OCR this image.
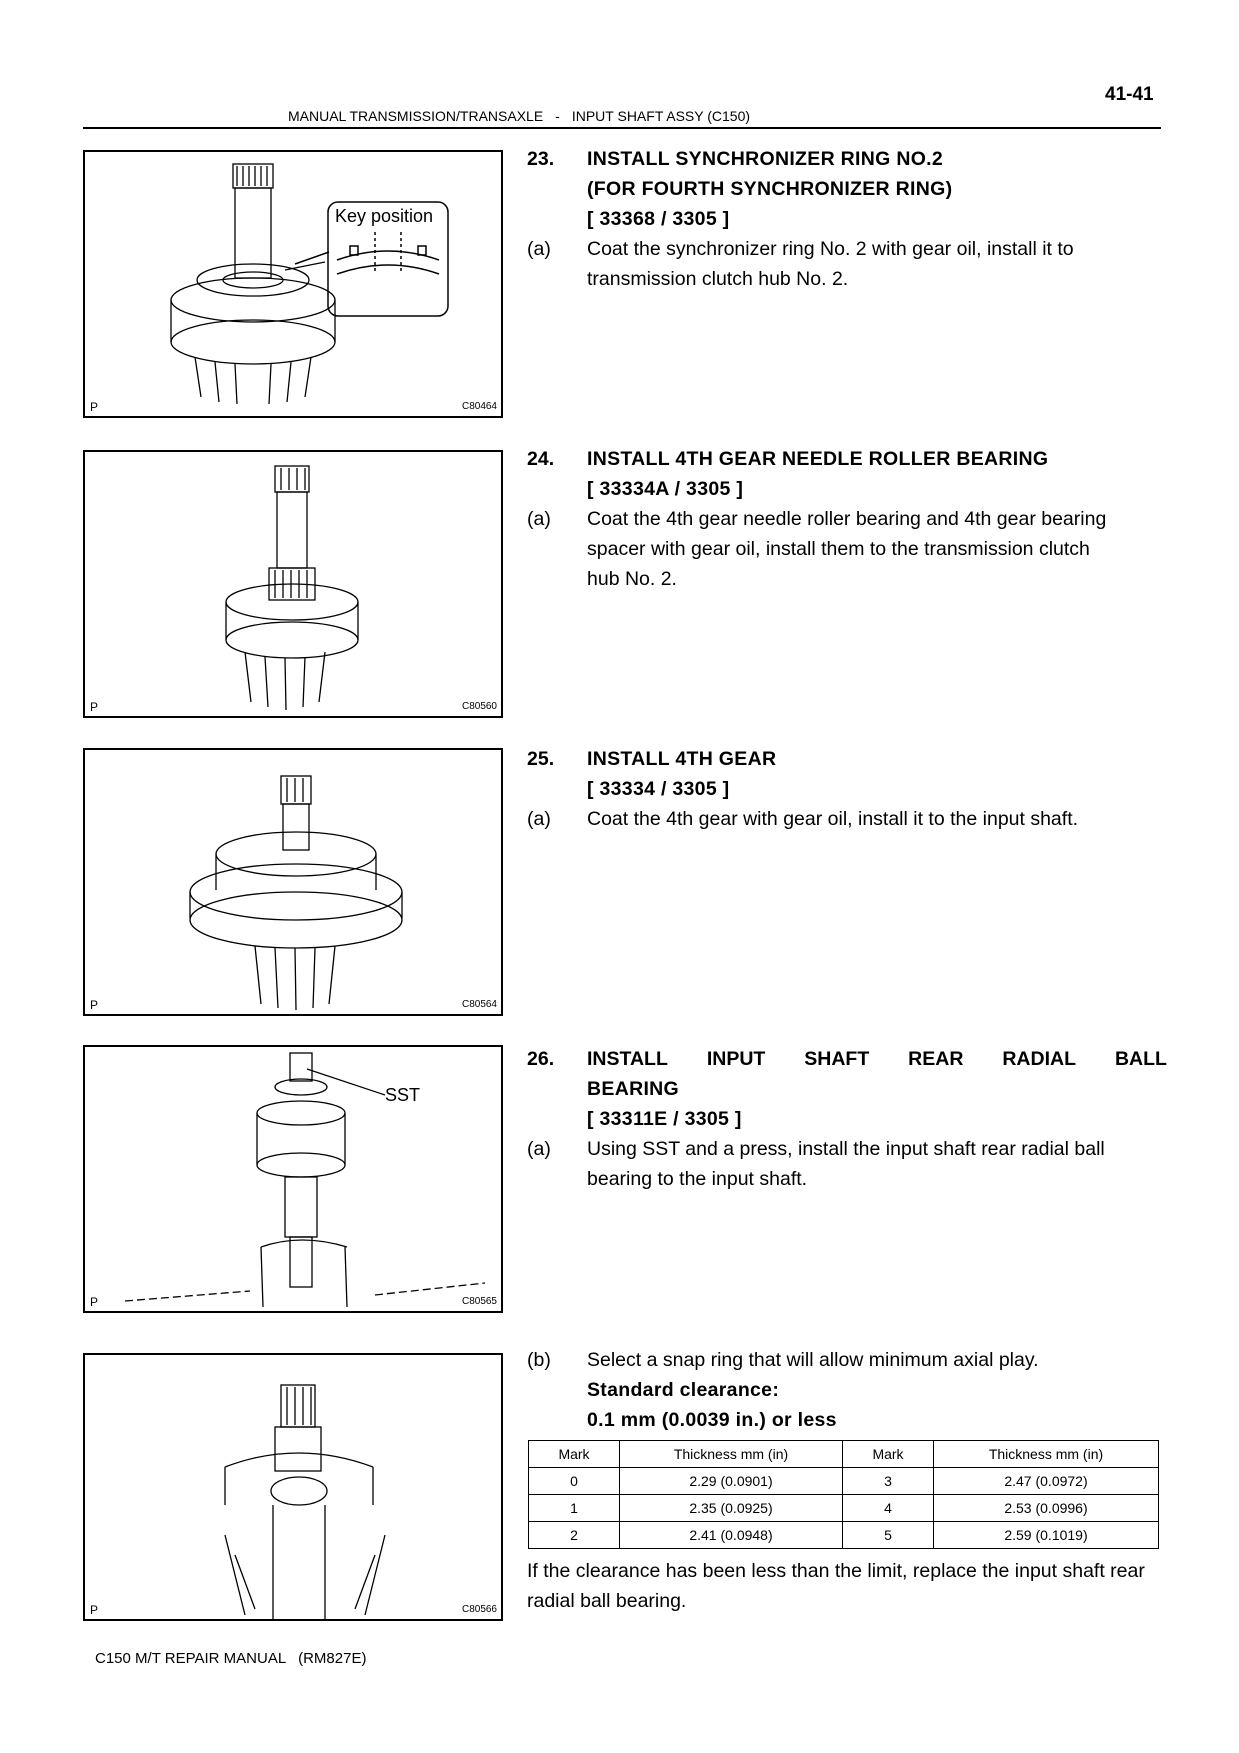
41-41
MANUAL TRANSMISSION/TRANSAXLE - INPUT SHAFT ASSY (C150)
Key position
P	C80464
P	C80560
P	C80564
SST
P	C80565
P	C80566
23. INSTALL SYNCHRONIZER RING NO.2
(FOR FOURTH SYNCHRONIZER RING)
[ 33368 / 3305 ]
(a) Coat the synchronizer ring No. 2 with gear oil, install it to transmission clutch hub No. 2.
24. INSTALL 4TH GEAR NEEDLE ROLLER BEARING
[ 33334A / 3305 ]
(a) Coat the 4th gear needle roller bearing and 4th gear bearing spacer with gear oil, install them to the transmission clutch hub No. 2.
25. INSTALL 4TH GEAR
[ 33334 / 3305 ]
(a) Coat the 4th gear with gear oil, install it to the input shaft.
26. INSTALL INPUT SHAFT REAR RADIAL BALL
BEARING
[ 33311E / 3305 ]
(a) Using SST and a press, install the input shaft rear radial ball bearing to the input shaft.
(b) Select a snap ring that will allow minimum axial play.
Standard clearance:
0.1 mm (0.0039 in.) or less
Mark	Thickness mm (in)	Mark	Thickness mm (in)
0	2.29 (0.0901)	3	2.47 (0.0972)
1	2.35 (0.0925)	4	2.53 (0.0996)
2	2.41 (0.0948)	5	2.59 (0.1019)
If the clearance has been less than the limit, replace the input shaft rear radial ball bearing.
C150 M/T REPAIR MANUAL   (RM827E)
